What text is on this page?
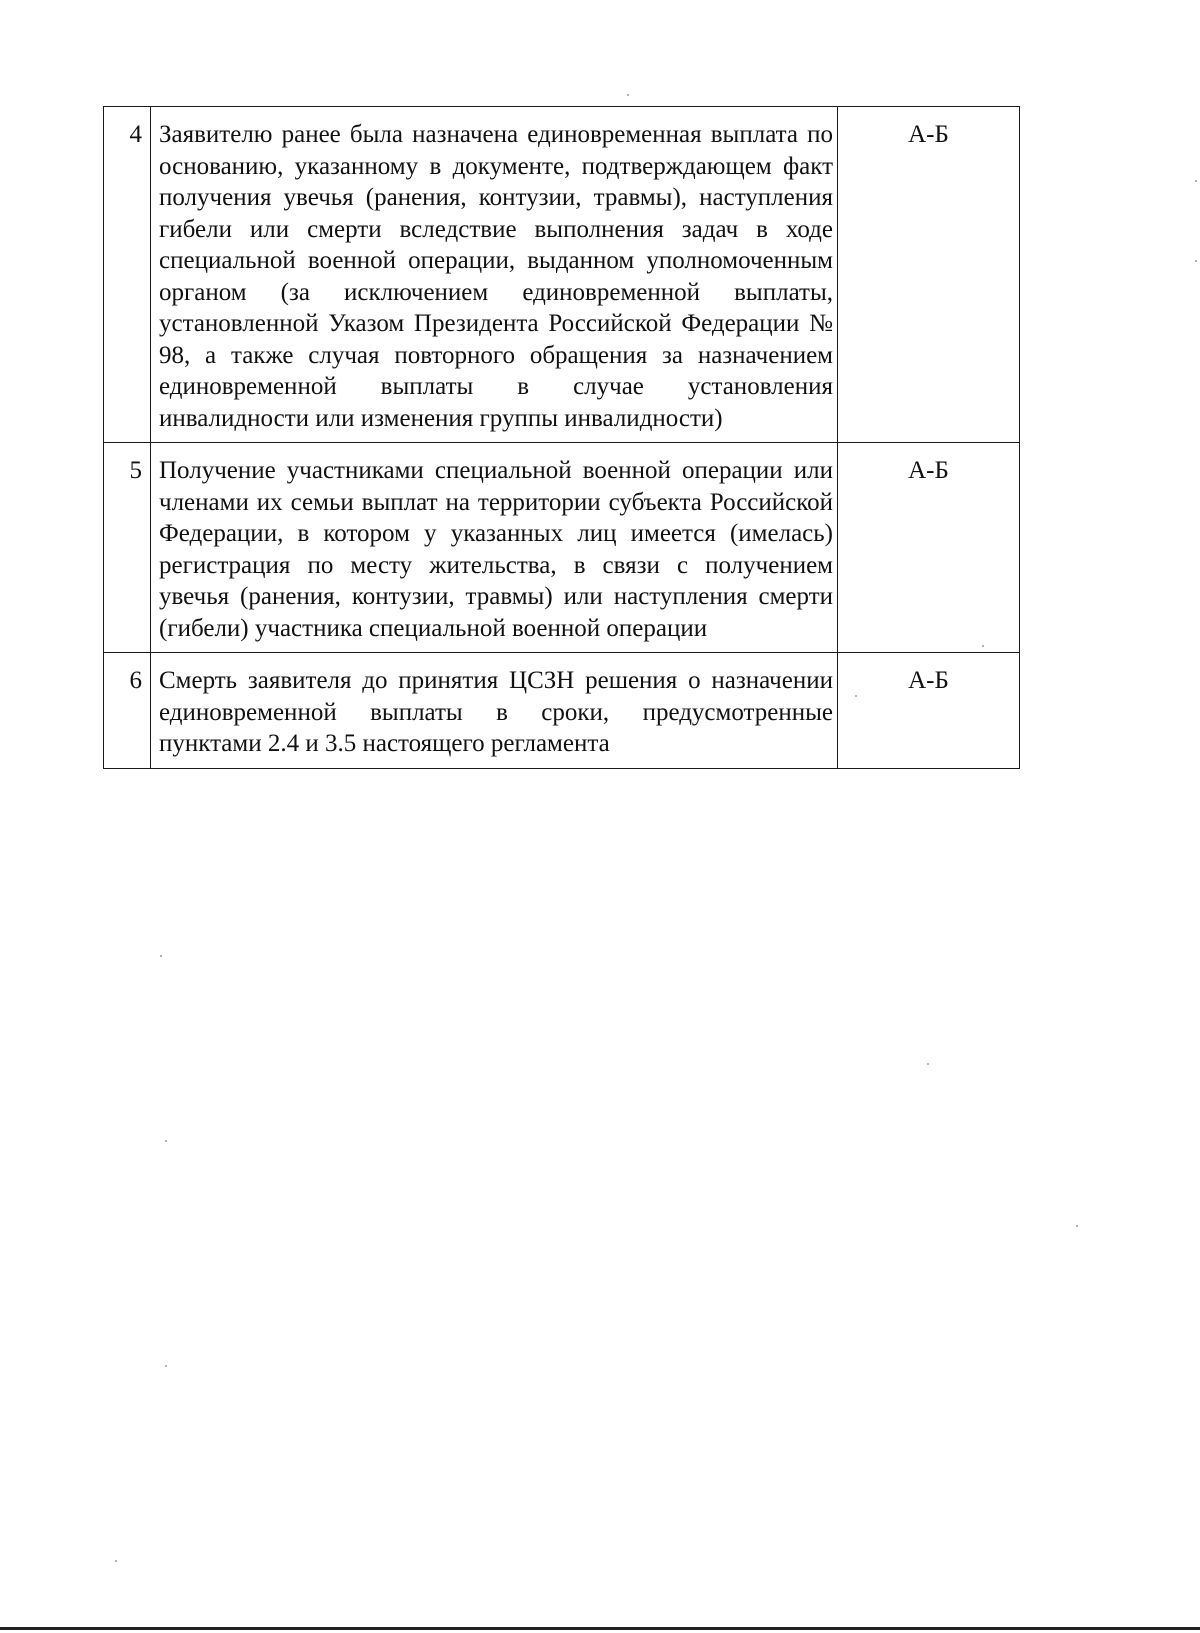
4	Заявителю ранее была назначена единовременная выплата по основанию, указанному в документе, подтверждающем факт получения увечья (ранения, контузии, травмы), наступления гибели или смерти вследствие выполнения задач в ходе специальной военной операции, выданном уполномоченным органом (за исключением единовременной выплаты, установленной Указом Президента Российской Федерации № 98, а также случая повторного обращения за назначением единовременной выплаты в случае установления инвалидности или изменения группы инвалидности)	А-Б

5	Получение участниками специальной военной операции или членами их семьи выплат на территории субъекта Российской Федерации, в котором у указанных лиц имеется (имелась) регистрация по месту жительства, в связи с получением увечья (ранения, контузии, травмы) или наступления смерти (гибели) участника специальной военной операции	А-Б

6	Смерть заявителя до принятия ЦСЗН решения о назначении единовременной выплаты в сроки, предусмотренные пунктами 2.4 и 3.5 настоящего регламента	А-Б
